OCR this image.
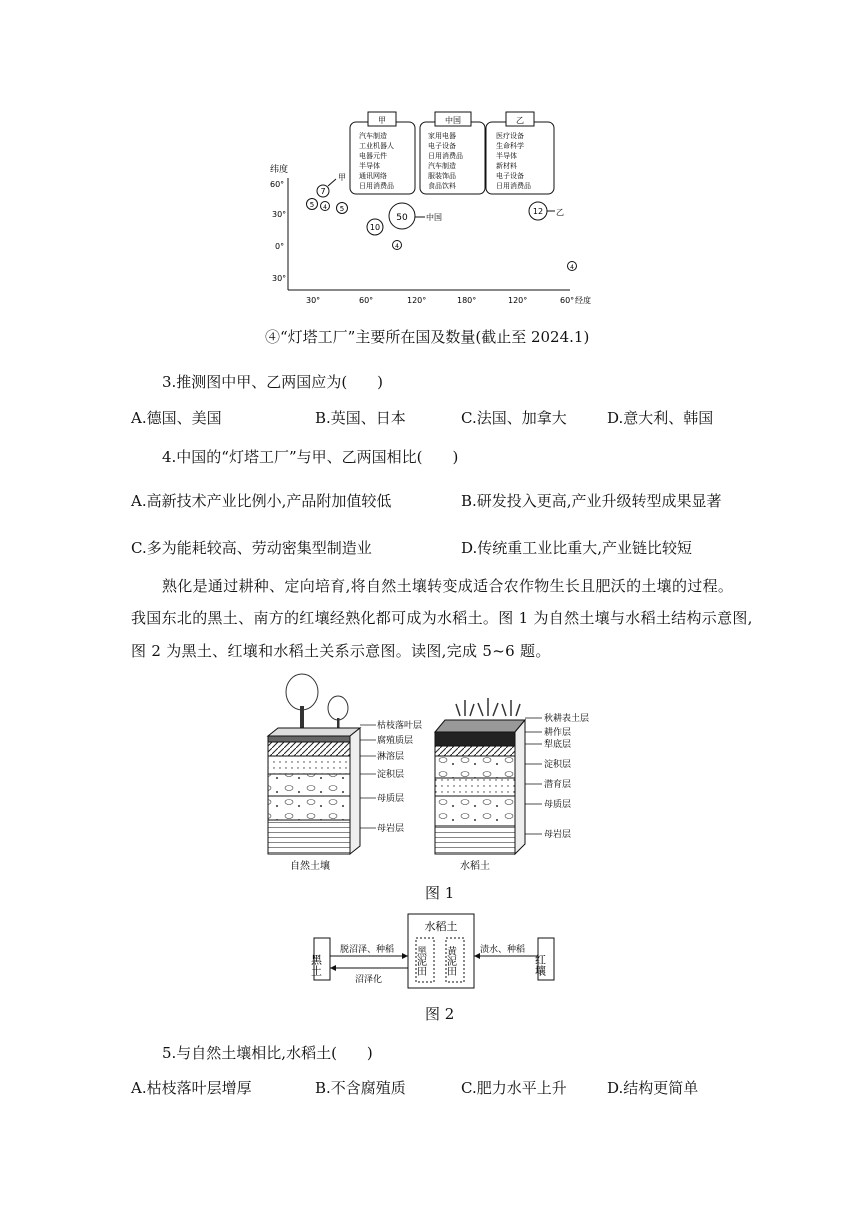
纬度
60°
30°
0°
30°
30°	60°	120°	180°	120°	60° 经度
甲
汽车制造
工业机器人
电器元件
半导体
通讯网络
日用消费品
中国
家用电器
电子设备
日用消费品
汽车制造
服装饰品
食品饮料
乙
医疗设备
生命科学
半导体
新材料
电子设备
日用消费品
7
甲
5 4 5
10
50 中国
4
12 乙
4
④“灯塔工厂”主要所在国及数量(截止至 2024.1)
3.推测图中甲、乙两国应为(　　)
A.德国、美国	B.英国、日本	C.法国、加拿大	D.意大利、韩国
4.中国的“灯塔工厂”与甲、乙两国相比(　　)
A.高新技术产业比例小,产品附加值较低	B.研发投入更高,产业升级转型成果显著
C.多为能耗较高、劳动密集型制造业	D.传统重工业比重大,产业链比较短
熟化是通过耕种、定向培育,将自然土壤转变成适合农作物生长且肥沃的土壤的过程。
我国东北的黑土、南方的红壤经熟化都可成为水稻土。图 1 为自然土壤与水稻土结构示意图,
图 2 为黑土、红壤和水稻土关系示意图。读图,完成 5~6 题。
枯枝落叶层
腐殖质层
淋溶层
淀积层
母质层
母岩层
自然土壤
秋耕表土层
耕作层
犁底层
淀积层
潜育层
母质层
母岩层
水稻土
图 1
黑土
水稻土
黑泥田 黄泥田	红壤
脱沼泽、种稻
沼泽化
渍水、种稻
图 2
5.与自然土壤相比,水稻土(　　)
A.枯枝落叶层增厚	B.不含腐殖质	C.肥力水平上升	D.结构更简单
